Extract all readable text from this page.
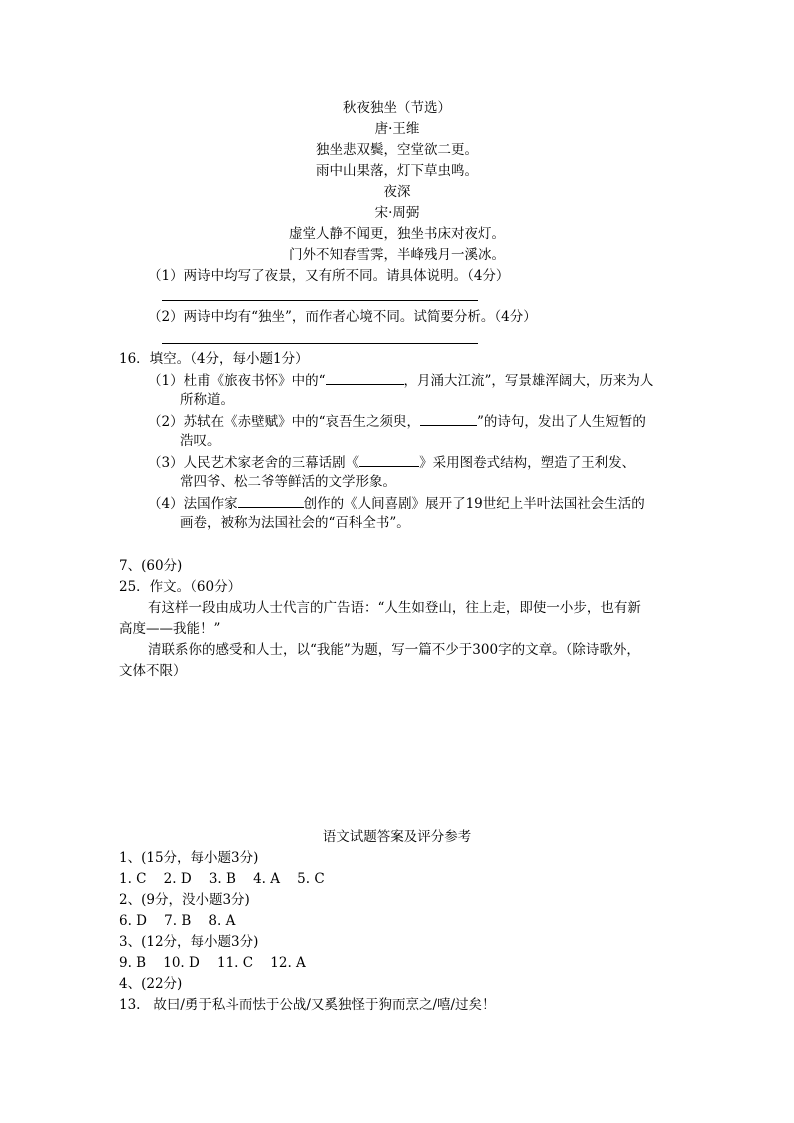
秋夜独坐（节选）
唐·王维
独坐悲双鬓，空堂欲二更。
雨中山果落，灯下草虫鸣。
夜深
宋·周弼
虚堂人静不闻更，独坐书床对夜灯。
门外不知春雪霁，半峰残月一溪冰。
（1）两诗中均写了夜景，又有所不同。请具体说明。（4分）
（2）两诗中均有“独坐”，而作者心境不同。试简要分析。（4分）
16．填空。（4分，每小题1分）
（1）杜甫《旅夜书怀》中的“	，月涌大江流”，写景雄浑阔大，历来为人
所称道。
（2）苏轼在《赤壁赋》中的“哀吾生之须臾，	”的诗句，发出了人生短暂的
浩叹。
（3）人民艺术家老舍的三幕话剧《	》采用图卷式结构，塑造了王利发、
常四爷、松二爷等鲜活的文学形象。
（4）法国作家	创作的《人间喜剧》展开了19世纪上半叶法国社会生活的
画卷，被称为法国社会的“百科全书”。
7、(60分)
25．作文。（60分）
有这样一段由成功人士代言的广告语：“人生如登山，往上走，即使一小步，也有新
高度——我能！”
清联系你的感受和人士，以“我能”为题，写一篇不少于300字的文章。（除诗歌外，
文体不限）
语文试题答案及评分参考
1、(15分，每小题3分)
1. C    2. D    3. B    4. A    5. C
2、(9分，没小题3分)
6. D    7. B    8. A
3、(12分，每小题3分)
9. B    10. D    11. C    12. A
4、(22分)
13.   故曰/勇于私斗而怯于公战/又奚独怪于狗而烹之/嘻/过矣！
